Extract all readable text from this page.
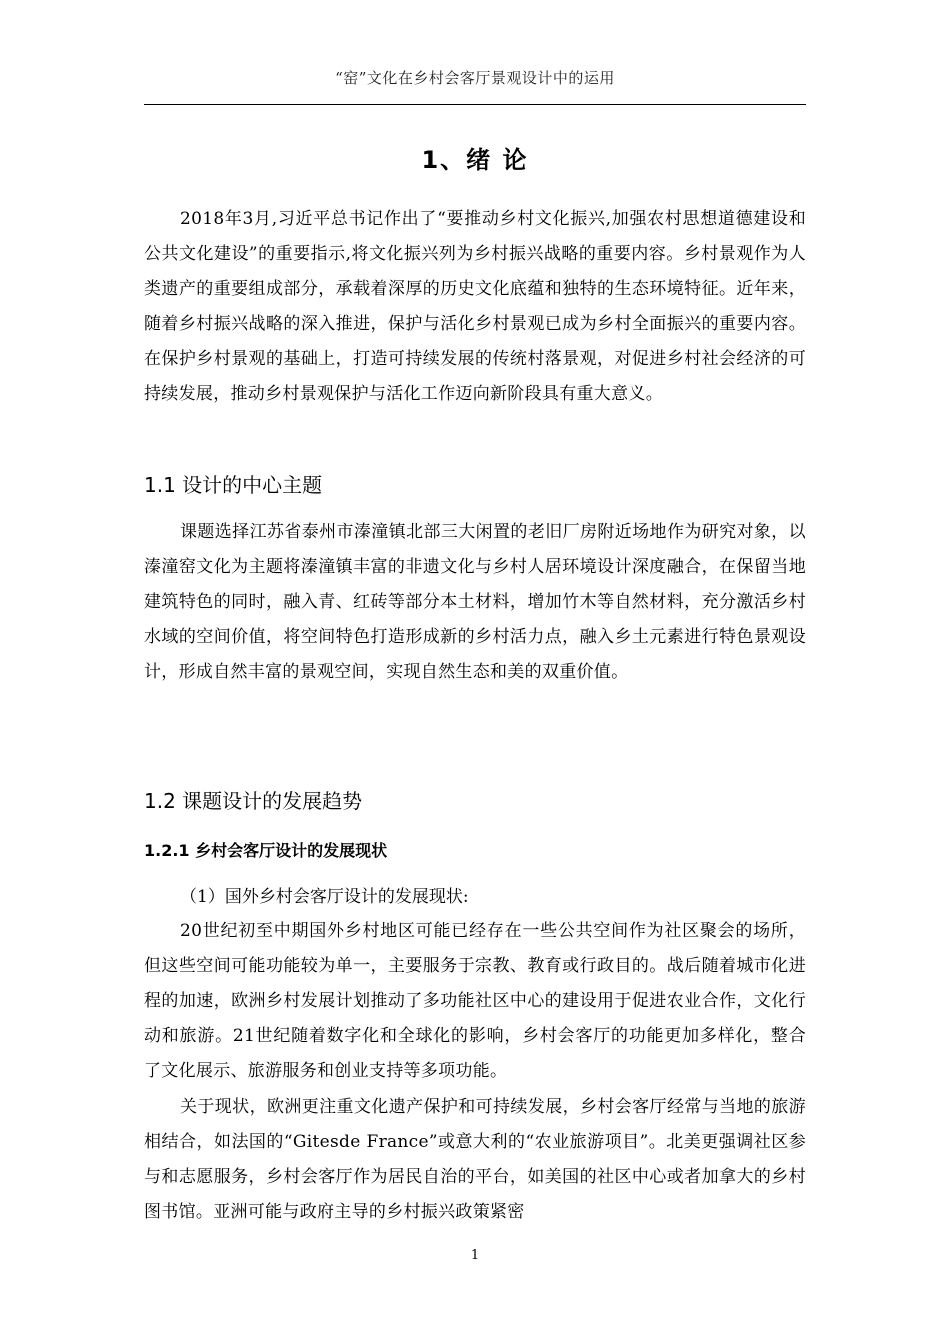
“窑”文化在乡村会客厅景观设计中的运用
1、绪 论

2018年3月,习近平总书记作出了“要推动乡村文化振兴,加强农村思想道德建设和公共文化建设”的重要指示,将文化振兴列为乡村振兴战略的重要内容。乡村景观作为人类遗产的重要组成部分，承载着深厚的历史文化底蕴和独特的生态环境特征。近年来，随着乡村振兴战略的深入推进，保护与活化乡村景观已成为乡村全面振兴的重要内容。在保护乡村景观的基础上，打造可持续发展的传统村落景观，对促进乡村社会经济的可持续发展，推动乡村景观保护与活化工作迈向新阶段具有重大意义。

1.1 设计的中心主题

课题选择江苏省泰州市溱潼镇北部三大闲置的老旧厂房附近场地作为研究对象，以溱潼窑文化为主题将溱潼镇丰富的非遗文化与乡村人居环境设计深度融合，在保留当地建筑特色的同时，融入青、红砖等部分本土材料，增加竹木等自然材料，充分激活乡村水域的空间价值，将空间特色打造形成新的乡村活力点，融入乡土元素进行特色景观设计，形成自然丰富的景观空间，实现自然生态和美的双重价值。

1.2 课题设计的发展趋势
1.2.1 乡村会客厅设计的发展现状
（1）国外乡村会客厅设计的发展现状:

20世纪初至中期国外乡村地区可能已经存在一些公共空间作为社区聚会的场所，但这些空间可能功能较为单一，主要服务于宗教、教育或行政目的。战后随着城市化进程的加速，欧洲乡村发展计划推动了多功能社区中心的建设用于促进农业合作，文化行动和旅游。21世纪随着数字化和全球化的影响，乡村会客厅的功能更加多样化，整合了文化展示、旅游服务和创业支持等多项功能。

关于现状，欧洲更注重文化遗产保护和可持续发展，乡村会客厅经常与当地的旅游相结合，如法国的“Gitesde France”或意大利的“农业旅游项目”。北美更强调社区参与和志愿服务，乡村会客厅作为居民自治的平台，如美国的社区中心或者加拿大的乡村图书馆。亚洲可能与政府主导的乡村振兴政策紧密

1
